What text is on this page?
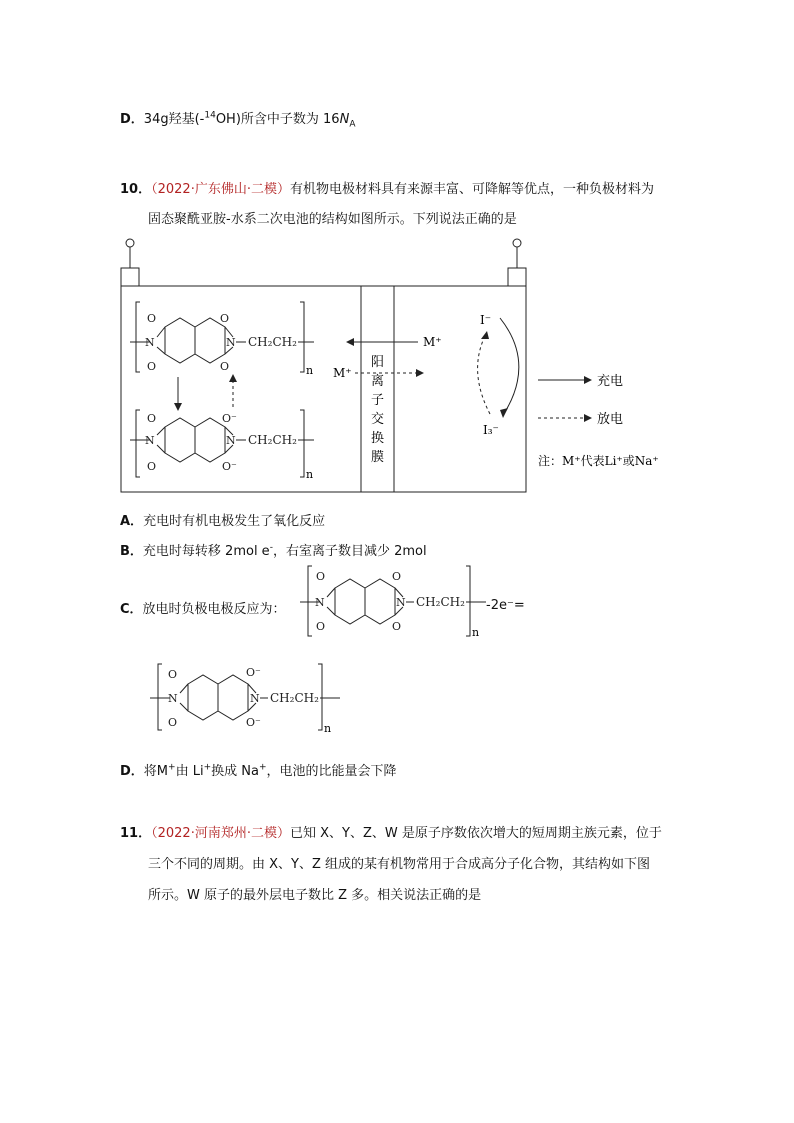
D．34g羟基(-$^{14}$OH)所含中子数为 $16N_A$
10．（2022·广东佛山·二模）有机物电极材料具有来源丰富、可降解等优点，一种负极材料为
固态聚酰亚胺-水系二次电池的结构如图所示。下列说法正确的是
阳
离
子
交
换
膜
N
O
O
O
O
N CH₂CH₂
n
N
O
O
O⁻
O⁻
N CH₂CH₂
n
M⁺
M⁺
I⁻
I₃⁻
充电
放电
注：M⁺代表Li⁺或Na⁺
A．充电时有机电极发生了氧化反应
B．充电时每转移 2mol e-，右室离子数目减少 2mol
C．放电时负极电极反应为：	-2e⁻=
N
O
O
O
O
N CH₂CH₂
n
N
O
O
O⁻
O⁻
N CH₂CH₂
n
D．将M+由 Li+换成 Na+，电池的比能量会下降
11．（2022·河南郑州·二模）已知 X、Y、Z、W 是原子序数依次增大的短周期主族元素，位于
三个不同的周期。由 X、Y、Z 组成的某有机物常用于合成高分子化合物，其结构如下图
所示。W 原子的最外层电子数比 Z 多。相关说法正确的是
